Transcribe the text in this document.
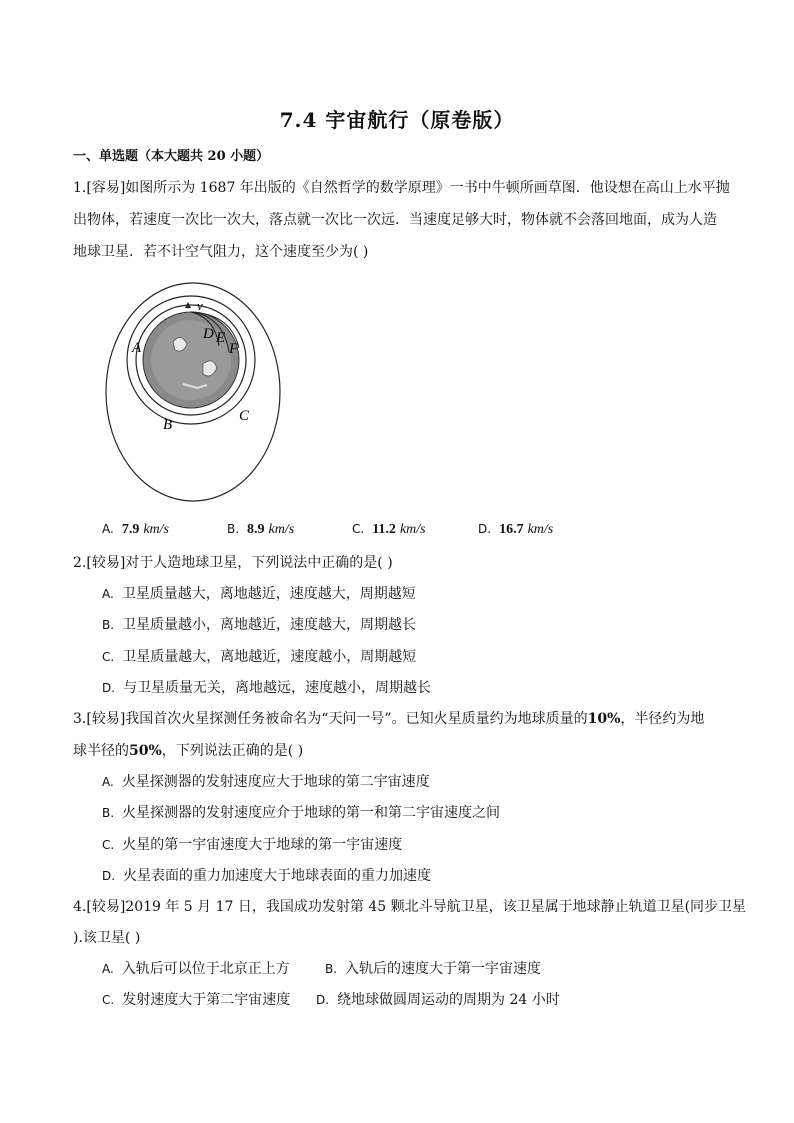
7.4 宇宙航行（原卷版）
一、单选题（本大题共 20 小题）
1.[容易]如图所示为 1687 年出版的《自然哲学的数学原理》一书中牛顿所画草图．他设想在高山上水平抛
出物体，若速度一次比一次大，落点就一次比一次远．当速度足够大时，物体就不会落回地面，成为人造
地球卫星．若不计空气阻力，这个速度至少为( )
v
D E
F
A
B
C
A. 7.9 km/s	B. 8.9 km/s	C. 11.2 km/s	D. 16.7 km/s
2.[较易]对于人造地球卫星，下列说法中正确的是( )
A. 卫星质量越大，离地越近，速度越大，周期越短
B. 卫星质量越小，离地越近，速度越大，周期越长
C. 卫星质量越大，离地越近，速度越小，周期越短
D. 与卫星质量无关，离地越远，速度越小，周期越长
3.[较易]我国首次火星探测任务被命名为“天问一号”。已知火星质量约为地球质量的10%，半径约为地
球半径的50%，下列说法正确的是( )
A. 火星探测器的发射速度应大于地球的第二宇宙速度
B. 火星探测器的发射速度应介于地球的第一和第二宇宙速度之间
C. 火星的第一宇宙速度大于地球的第一宇宙速度
D. 火星表面的重力加速度大于地球表面的重力加速度
4.[较易]2019 年 5 月 17 日，我国成功发射第 45 颗北斗导航卫星，该卫星属于地球静止轨道卫星(同步卫星
).该卫星( )
A. 入轨后可以位于北京正上方	B. 入轨后的速度大于第一宇宙速度
C. 发射速度大于第二宇宙速度 D. 绕地球做圆周运动的周期为 24 小时
